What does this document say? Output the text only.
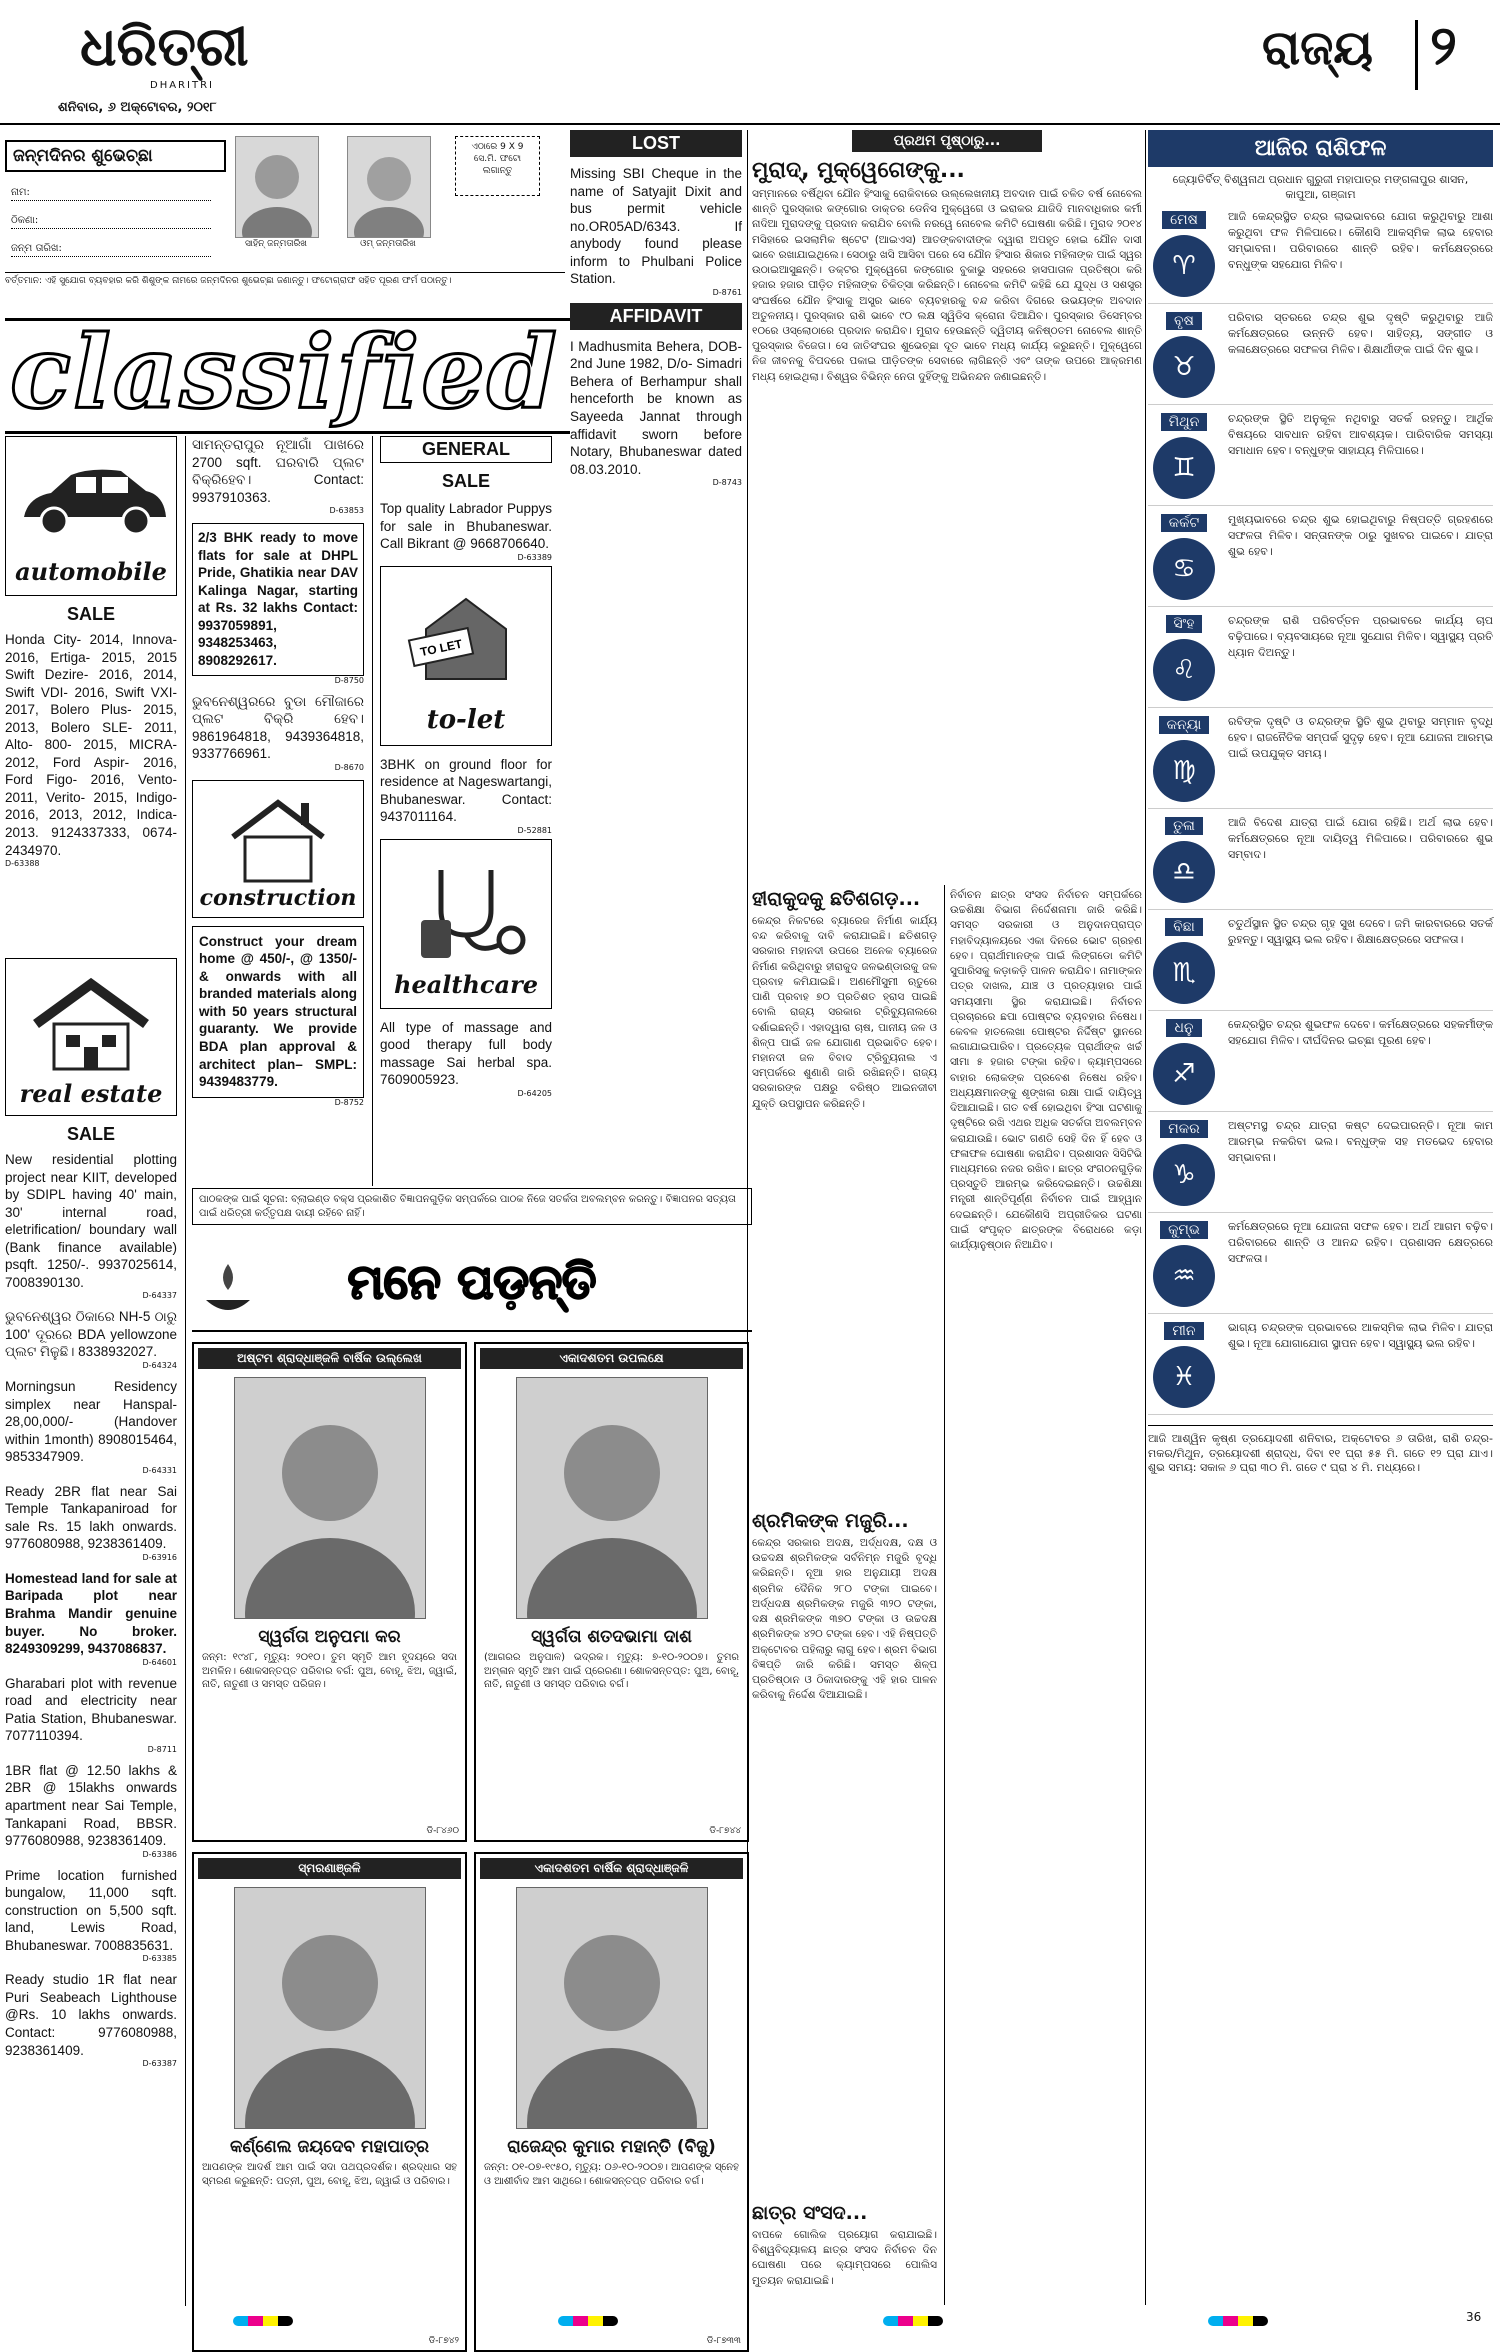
ଧରିତ୍ରୀ
DHARITRI
ଶନିବାର, ୬ ଅକ୍ଟୋବର, ୨୦୧୮
ରାଜ୍ୟ ୨
ଜନ୍ମଦିନର ଶୁଭେଚ୍ଛା
ନାମ:
ଠିକଣା:
ଜନ୍ମ ତାରିଖ:	ସାହିନ୍ ଜନ୍ମତାରିଖ	ଓମ୍ ଜନ୍ମତାରିଖ
ଏଠାରେ 9 X 9 ସେ.ମି. ଫଟୋ ଲଗାନ୍ତୁ
ବର୍ତ୍ତମାନ: ଏହି ସୁଯୋଗ ବ୍ୟବହାର କରି ଶିଶୁଙ୍କ ନାମରେ ଜନ୍ମଦିନର ଶୁଭେଚ୍ଛା ଜଣାନ୍ତୁ। ଫଟୋଗ୍ରାଫ ସହିତ ପୂରଣ ଫର୍ମ ପଠାନ୍ତୁ।
classified
automobile
SALE
Honda City- 2014, Innova- 2016, Ertiga- 2015, 2015 Swift Dezire- 2016, 2014, Swift VDI- 2016, Swift VXI- 2017, Bolero Plus- 2015, 2013, Bolero SLE- 2011, Alto- 800- 2015, MICRA- 2012, Ford Aspir- 2016, Ford Figo- 2016, Vento- 2011, Verito- 2015, Indigo-2016, 2013, 2012, Indica- 2013. 9124337333, 0674-2434970.
D-63388
real estate
SALE
New residential plotting project near KIIT, developed by SDIPL having 40' main, 30' internal road, eletrification/ boundary wall (Bank finance available) psqft. 1250/-. 9937025614, 7008390130.
D-64337
ଭୁବନେଶ୍ୱର ଠିକାରେ NH-5 ଠାରୁ 100' ଦୂରରେ BDA yellowzone ପ୍ଲଟ ମିଳୁଛି। 8338932027.
D-64324
Morningsun Residency simplex near Hanspal- 28,00,000/- (Handover within 1month) 8908015464, 9853347909.
D-64331
Ready 2BR flat near Sai Temple Tankapaniroad for sale Rs. 15 lakh onwards. 9776080988, 9238361409.
D-63916
Homestead land for sale at Baripada plot near Brahma Mandir genuine buyer. No broker. 8249309299, 9437086837.
D-64601
Gharabari plot with revenue road and electricity near Patia Station, Bhubaneswar. 7077110394.
D-8711
1BR flat @ 12.50 lakhs & 2BR @ 15lakhs onwards apartment near Sai Temple, Tankapani Road, BBSR. 9776080988, 9238361409.
D-63386
Prime location furnished bungalow, 11,000 sqft. construction on 5,500 sqft. land, Lewis Road, Bhubaneswar. 7008835631.
D-63385
Ready studio 1R flat near Puri Seabeach Lighthouse @Rs. 10 lakhs onwards. Contact: 9776080988, 9238361409.
D-63387
ସାମନ୍ତରାପୁର ନୂଆଗାଁ ପାଖରେ 2700 sqft. ଘରବାରି ପ୍ଲଟ ବିକ୍ରିହେବ। Contact: 9937910363.
D-63853
2/3 BHK ready to move flats for sale at DHPL Pride, Ghatikia near DAV Kalinga Nagar, starting at Rs. 32 lakhs Contact: 9937059891, 9348253463, 8908292617.
D-8750
ଭୁବନେଶ୍ୱରରେ ବୁଡା ମୌଜାରେ ପ୍ଲଟ ବିକ୍ରି ହେବ। 9861964818, 9439364818, 9337766961.
D-8670
construction
Construct your dream home @ 450/-, @ 1350/- & onwards with all branded materials along with 50 years structural guaranty. We provide BDA plan approval & architect plan– SMPL: 9439483779.
D-8752
GENERAL
SALE
Top quality Labrador Puppys for sale in Bhubaneswar. Call Bikrant @ 9668706640.
D-63389
TO LET
to-let
3BHK on ground floor for residence at Nageswartangi, Bhubaneswar. Contact: 9437011164.
D-52881
healthcare
All type of massage and good therapy full body massage Sai herbal spa. 7609005923.
D-64205
LOST
Missing SBI Cheque in the name of Satyajit Dixit and bus permit vehicle no.OR05AD/6343. If anybody found please inform to Phulbani Police Station.
D-8761
AFFIDAVIT
I Madhusmita Behera, DOB- 2nd June 1982, D/o- Simadri Behera of Berhampur shall henceforth be known as Sayeeda Jannat through affidavit sworn before Notary, Bhubaneswar dated 08.03.2010.
D-8743
ପାଠକଙ୍କ ପାଇଁ ସୂଚନା: ବ୍ଲାଇଣ୍ଡ ବକ୍ସ ପ୍ରକାଶିତ ବିଜ୍ଞାପନଗୁଡ଼ିକ ସମ୍ପର୍କରେ ପାଠକ ନିଜେ ସତର୍କତା ଅବଲମ୍ବନ କରନ୍ତୁ। ବିଜ୍ଞାପନର ସତ୍ୟତା ପାଇଁ ଧରିତ୍ରୀ କର୍ତ୍ତୃପକ୍ଷ ଦାୟୀ ରହିବେ ନାହିଁ।
ମନେ ପଡ଼ନ୍ତି
ଅଷ୍ଟମ ଶ୍ରାଦ୍ଧାଞ୍ଜଳି ବାର୍ଷିକ ଉଲ୍ଲେଖ
ସ୍ୱର୍ଗତା ଅନୁପମା କର
ଜନ୍ମ: ୧୯୪୮, ମୃତ୍ୟୁ: ୨୦୧୦। ତୁମ ସ୍ମୃତି ଆମ ହୃଦୟରେ ସଦା ଅମଳିନ। ଶୋକସନ୍ତପ୍ତ ପରିବାର ବର୍ଗ: ପୁଅ, ବୋହୂ, ଝିଅ, ଜ୍ୱାଇଁ, ନାତି, ନାତୁଣୀ ଓ ସମସ୍ତ ପରିଜନ।
ଡି-୮୪୬୦
ଏକାଦଶତମ ଉପଲକ୍ଷେ
ସ୍ୱର୍ଗତା ଶତଦଭାମା ଦାଶ
(ଆଗରର ଅନୁପାଳ) ଭଦ୍ରକ। ମୃତ୍ୟୁ: ୭-୧୦-୨୦୦୭। ତୁମର ଅମ୍ଳାନ ସ୍ମୃତି ଆମ ପାଇଁ ପ୍ରେରଣା। ଶୋକସନ୍ତପ୍ତ: ପୁଅ, ବୋହୂ, ନାତି, ନାତୁଣୀ ଓ ସମସ୍ତ ପରିବାର ବର୍ଗ।
ଡି-୮୭୪୪
ସ୍ମରଣାଞ୍ଜଳି
କର୍ଣ୍ଣେଲ ଜୟଦେବ ମହାପାତ୍ର
ଆପଣଙ୍କ ଆଦର୍ଶ ଆମ ପାଇଁ ସଦା ପଥପ୍ରଦର୍ଶକ। ଶ୍ରଦ୍ଧାର ସହ ସ୍ମରଣ କରୁଛନ୍ତି: ପତ୍ନୀ, ପୁଅ, ବୋହୂ, ଝିଅ, ଜ୍ୱାଇଁ ଓ ପରିବାର।
ଡି-୮୭୪୨
ଏକାଦଶତମ ବାର୍ଷିକ ଶ୍ରାଦ୍ଧାଞ୍ଜଳି
ରାଜେନ୍ଦ୍ର କୁମାର ମହାନ୍ତି (ବିଜୁ)
ଜନ୍ମ: ୦୧-୦୭-୧୯୫୦, ମୃତ୍ୟୁ: ୦୬-୧୦-୨୦୦୭। ଆପଣଙ୍କ ସ୍ନେହ ଓ ଆଶୀର୍ବାଦ ଆମ ସାଥିରେ। ଶୋକସନ୍ତପ୍ତ ପରିବାର ବର୍ଗ।
ଡି-୮୭୩୩
ପ୍ରଥମ ପୃଷ୍ଠାରୁ...
ମୁରାଦ୍, ମୁକ୍ୱେଗେଙ୍କୁ...
ସମ୍ମାନରେ ବର୍ଷିଥିବା ଯୌନ ହିଂସାକୁ ରୋକିବାରେ ଉଲ୍ଲେଖନୀୟ ଅବଦାନ ପାଇଁ ଚଳିତ ବର୍ଷ ନୋବେଲ ଶାନ୍ତି ପୁରସ୍କାର କଙ୍ଗୋର ଡାକ୍ତର ଡେନିସ ମୁକ୍ୱେଗେ ଓ ଇରାକର ଯାଜିଦି ମାନବାଧିକାର କର୍ମୀ ନାଦିଆ ମୁରାଦଙ୍କୁ ପ୍ରଦାନ କରାଯିବ ବୋଲି ନରୱେ ନୋବେଲ କମିଟି ଘୋଷଣା କରିଛି। ମୁରାଦ ୨୦୧୪ ମସିହାରେ ଇସଲାମିକ ଷ୍ଟେଟ (ଆଇଏସ) ଆତଙ୍କବାଦୀଙ୍କ ଦ୍ୱାରା ଅପହୃତ ହୋଇ ଯୌନ ଦାସୀ ଭାବେ ରଖାଯାଇଥିଲେ। ସେଠାରୁ ଖସି ଆସିବା ପରେ ସେ ଯୌନ ହିଂସାର ଶିକାର ମହିଳାଙ୍କ ପାଇଁ ସ୍ୱର ଉଠାଇଆସୁଛନ୍ତି। ଡକ୍ଟର ମୁକ୍ୱେଗେ କଙ୍ଗୋର ବୁକାଭୁ ସହରରେ ହାସପାତାଳ ପ୍ରତିଷ୍ଠା କରି ହଜାର ହଜାର ପୀଡ଼ିତ ମହିଳାଙ୍କ ଚିକିତ୍ସା କରିଛନ୍ତି। ନୋବେଲ କମିଟି କହିଛି ଯେ ଯୁଦ୍ଧ ଓ ସଶସ୍ତ୍ର ସଂଘର୍ଷରେ ଯୌନ ହିଂସାକୁ ଅସ୍ତ୍ର ଭାବେ ବ୍ୟବହାରକୁ ବନ୍ଦ କରିବା ଦିଗରେ ଉଭୟଙ୍କ ଅବଦାନ ଅତୁଳନୀୟ। ପୁରସ୍କାର ରାଶି ଭାବେ ୯୦ ଲକ୍ଷ ସ୍ୱିଡିସ କ୍ରୋନା ଦିଆଯିବ। ପୁରସ୍କାର ଡିସେମ୍ବର ୧୦ରେ ଓସ୍ଲୋଠାରେ ପ୍ରଦାନ କରାଯିବ। ମୁରାଦ ହେଉଛନ୍ତି ଦ୍ୱିତୀୟ କନିଷ୍ଠତମ ନୋବେଲ ଶାନ୍ତି ପୁରସ୍କାର ବିଜେତା। ସେ ଜାତିସଂଘର ଶୁଭେଚ୍ଛା ଦୂତ ଭାବେ ମଧ୍ୟ କାର୍ଯ୍ୟ କରୁଛନ୍ତି। ମୁକ୍ୱେଗେ ନିଜ ଜୀବନକୁ ବିପଦରେ ପକାଇ ପୀଡ଼ିତଙ୍କ ସେବାରେ ଲାଗିଛନ୍ତି ଏବଂ ତାଙ୍କ ଉପରେ ଆକ୍ରମଣ ମଧ୍ୟ ହୋଇଥିଲା। ବିଶ୍ୱର ବିଭିନ୍ନ ନେତା ଦୁହିଁଙ୍କୁ ଅଭିନନ୍ଦନ ଜଣାଇଛନ୍ତି।
ହୀରାକୁଦକୁ ଛତିଶଗଡ଼...
କେନ୍ଦ୍ର ନିକଟରେ ବ୍ୟାରେଜ ନିର୍ମାଣ କାର୍ଯ୍ୟ ବନ୍ଦ କରିବାକୁ ଦାବି କରାଯାଇଛି। ଛତିଶଗଡ଼ ସରକାର ମହାନଦୀ ଉପରେ ଅନେକ ବ୍ୟାରେଜ ନିର୍ମାଣ କରିଥିବାରୁ ହୀରାକୁଦ ଜଳଭଣ୍ଡାରକୁ ଜଳ ପ୍ରବାହ କମିଯାଇଛି। ଅଣମୌସୁମୀ ଋତୁରେ ପାଣି ପ୍ରବାହ ୭୦ ପ୍ରତିଶତ ହ୍ରାସ ପାଇଛି ବୋଲି ରାଜ୍ୟ ସରକାର ଟ୍ରିବ୍ୟୁନାଲରେ ଦର୍ଶାଇଛନ୍ତି। ଏହାଦ୍ୱାରା ଚାଷ, ପାନୀୟ ଜଳ ଓ ଶିଳ୍ପ ପାଇଁ ଜଳ ଯୋଗାଣ ପ୍ରଭାବିତ ହେବ। ମହାନଦୀ ଜଳ ବିବାଦ ଟ୍ରିବ୍ୟୁନାଲ ଏ ସମ୍ପର୍କରେ ଶୁଣାଣି ଜାରି ରଖିଛନ୍ତି। ରାଜ୍ୟ ସରକାରଙ୍କ ପକ୍ଷରୁ ବରିଷ୍ଠ ଆଇନଜୀବୀ ଯୁକ୍ତି ଉପସ୍ଥାପନ କରିଛନ୍ତି।
ଶ୍ରମିକଙ୍କ ମଜୁରି...
କେନ୍ଦ୍ର ସରକାର ଅଦକ୍ଷ, ଅର୍ଦ୍ଧଦକ୍ଷ, ଦକ୍ଷ ଓ ଉଚ୍ଚଦକ୍ଷ ଶ୍ରମିକଙ୍କ ସର୍ବନିମ୍ନ ମଜୁରି ବୃଦ୍ଧି କରିଛନ୍ତି। ନୂଆ ହାର ଅନୁଯାୟୀ ଅଦକ୍ଷ ଶ୍ରମିକ ଦୈନିକ ୨୮୦ ଟଙ୍କା ପାଇବେ। ଅର୍ଦ୍ଧଦକ୍ଷ ଶ୍ରମିକଙ୍କ ମଜୁରି ୩୨୦ ଟଙ୍କା, ଦକ୍ଷ ଶ୍ରମିକଙ୍କ ୩୭୦ ଟଙ୍କା ଓ ଉଚ୍ଚଦକ୍ଷ ଶ୍ରମିକଙ୍କ ୪୨୦ ଟଙ୍କା ହେବ। ଏହି ନିଷ୍ପତ୍ତି ଅକ୍ଟୋବର ପହିଲାରୁ ଲାଗୁ ହେବ। ଶ୍ରମ ବିଭାଗ ବିଜ୍ଞପ୍ତି ଜାରି କରିଛି। ସମସ୍ତ ଶିଳ୍ପ ପ୍ରତିଷ୍ଠାନ ଓ ଠିକାଦାରଙ୍କୁ ଏହି ହାର ପାଳନ କରିବାକୁ ନିର୍ଦ୍ଦେଶ ଦିଆଯାଇଛି।
ଛାତ୍ର ସଂସଦ...
ବାପକେ ଗୋଲିକ ପ୍ରୟୋଗ କରାଯାଇଛି। ବିଶ୍ୱବିଦ୍ୟାଳୟ ଛାତ୍ର ସଂସଦ ନିର୍ବାଚନ ଦିନ ଘୋଷଣା ପରେ କ୍ୟାମ୍ପସରେ ପୋଲିସ ମୁତୟନ କରାଯାଇଛି।
ନିର୍ବାଚନ ଛାତ୍ର ସଂସଦ ନିର୍ବାଚନ ସମ୍ପର୍କରେ ଉଚ୍ଚଶିକ୍ଷା ବିଭାଗ ନିର୍ଦ୍ଦେଶନାମା ଜାରି କରିଛି। ସମସ୍ତ ସରକାରୀ ଓ ଅନୁଦାନପ୍ରାପ୍ତ ମହାବିଦ୍ୟାଳୟରେ ଏକା ଦିନରେ ଭୋଟ ଗ୍ରହଣ ହେବ। ପ୍ରାର୍ଥୀମାନଙ୍କ ପାଇଁ ଲିଙ୍ଗଡୋ କମିଟି ସୁପାରିସକୁ କଡ଼ାକଡ଼ି ପାଳନ କରାଯିବ। ନାମାଙ୍କନ ପତ୍ର ଦାଖଲ, ଯାଞ୍ଚ ଓ ପ୍ରତ୍ୟାହାର ପାଇଁ ସମୟସୀମା ସ୍ଥିର କରାଯାଇଛି। ନିର୍ବାଚନ ପ୍ରଚାରରେ ଛପା ପୋଷ୍ଟର ବ୍ୟବହାର ନିଷେଧ। କେବଳ ହାତଲେଖା ପୋଷ୍ଟର ନିର୍ଦ୍ଦିଷ୍ଟ ସ୍ଥାନରେ ଲଗାଯାଇପାରିବ। ପ୍ରତ୍ୟେକ ପ୍ରାର୍ଥୀଙ୍କ ଖର୍ଚ୍ଚ ସୀମା ୫ ହଜାର ଟଙ୍କା ରହିବ। କ୍ୟାମ୍ପସରେ ବାହାର ଲୋକଙ୍କ ପ୍ରବେଶ ନିଷେଧ ରହିବ। ଅଧ୍ୟକ୍ଷମାନଙ୍କୁ ଶୃଙ୍ଖଳା ରକ୍ଷା ପାଇଁ ଦାୟିତ୍ୱ ଦିଆଯାଇଛି। ଗତ ବର୍ଷ ହୋଇଥିବା ହିଂସା ଘଟଣାକୁ ଦୃଷ୍ଟିରେ ରଖି ଏଥର ଅଧିକ ସତର୍କତା ଅବଲମ୍ବନ କରାଯାଉଛି। ଭୋଟ ଗଣତି ସେହି ଦିନ ହିଁ ହେବ ଓ ଫଳାଫଳ ଘୋଷଣା କରାଯିବ। ପ୍ରଶାସନ ସିସିଟିଭି ମାଧ୍ୟମରେ ନଜର ରଖିବ। ଛାତ୍ର ସଂଗଠନଗୁଡ଼ିକ ପ୍ରସ୍ତୁତି ଆରମ୍ଭ କରିଦେଇଛନ୍ତି। ଉଚ୍ଚଶିକ୍ଷା ମନ୍ତ୍ରୀ ଶାନ୍ତିପୂର୍ଣ୍ଣ ନିର୍ବାଚନ ପାଇଁ ଆହ୍ୱାନ ଦେଇଛନ୍ତି। ଯେକୌଣସି ଅପ୍ରୀତିକର ଘଟଣା ପାଇଁ ସଂପୃକ୍ତ ଛାତ୍ରଙ୍କ ବିରୋଧରେ କଡ଼ା କାର୍ଯ୍ୟାନୁଷ୍ଠାନ ନିଆଯିବ।
ଆଜିର ରାଶିଫଳ
ଜ୍ୟୋତିର୍ବିତ୍ ବିଶ୍ୱନାଥ ପ୍ରଧାନ ଗୁରୁଜୀ ମହାପାତ୍ର ମଙ୍ଗଳାପୁର ଶାସନ, କାପୁଆ, ଗଞ୍ଜାମ
ମେଷ
♈
ଆଜି କେନ୍ଦ୍ରସ୍ଥିତ ଚନ୍ଦ୍ର ଲାଭଭାବରେ ଯୋଗ କରୁଥିବାରୁ ଆଶା କରୁଥିବା ଫଳ ମିଳିପାରେ। କୌଣସି ଆକସ୍ମିକ ଲାଭ ହେବାର ସମ୍ଭାବନା। ପରିବାରରେ ଶାନ୍ତି ରହିବ। କର୍ମକ୍ଷେତ୍ରରେ ବନ୍ଧୁଙ୍କ ସହଯୋଗ ମିଳିବ।
ବୃଷ
♉
ପରିବାର ସ୍ତରରେ ଚନ୍ଦ୍ର ଶୁଭ ଦୃଷ୍ଟି କରୁଥିବାରୁ ଆଜି କର୍ମକ୍ଷେତ୍ରରେ ଉନ୍ନତି ହେବ। ସାହିତ୍ୟ, ସଙ୍ଗୀତ ଓ କଳାକ୍ଷେତ୍ରରେ ସଫଳତା ମିଳିବ। ଶିକ୍ଷାର୍ଥୀଙ୍କ ପାଇଁ ଦିନ ଶୁଭ।
ମିଥୁନ
♊
ଚନ୍ଦ୍ରଙ୍କ ସ୍ଥିତି ଅନୁକୂଳ ନଥିବାରୁ ସତର୍କ ରହନ୍ତୁ। ଆର୍ଥିକ ବିଷୟରେ ସାବଧାନ ରହିବା ଆବଶ୍ୟକ। ପାରିବାରିକ ସମସ୍ୟା ସମାଧାନ ହେବ। ବନ୍ଧୁଙ୍କ ସାହାଯ୍ୟ ମିଳିପାରେ।
କର୍କଟ
♋
ମୁଖ୍ୟଭାବରେ ଚନ୍ଦ୍ର ଶୁଭ ହୋଇଥିବାରୁ ନିଷ୍ପତ୍ତି ଗ୍ରହଣରେ ସଫଳତା ମିଳିବ। ସନ୍ତାନଙ୍କ ଠାରୁ ସୁଖବର ପାଇବେ। ଯାତ୍ରା ଶୁଭ ହେବ।
ସିଂହ
♌
ଚନ୍ଦ୍ରଙ୍କ ରାଶି ପରିବର୍ତ୍ତନ ପ୍ରଭାବରେ କାର୍ଯ୍ୟ ଚାପ ବଢ଼ିପାରେ। ବ୍ୟବସାୟରେ ନୂଆ ସୁଯୋଗ ମିଳିବ। ସ୍ୱାସ୍ଥ୍ୟ ପ୍ରତି ଧ୍ୟାନ ଦିଅନ୍ତୁ।
କନ୍ୟା
♍
ରବିଙ୍କ ଦୃଷ୍ଟି ଓ ଚନ୍ଦ୍ରଙ୍କ ସ୍ଥିତି ଶୁଭ ଥିବାରୁ ସମ୍ମାନ ବୃଦ୍ଧି ହେବ। ରାଜନୈତିକ ସମ୍ପର୍କ ସୁଦୃଢ଼ ହେବ। ନୂଆ ଯୋଜନା ଆରମ୍ଭ ପାଇଁ ଉପଯୁକ୍ତ ସମୟ।
ତୁଳା
♎
ଆଜି ବିଦେଶ ଯାତ୍ରା ପାଇଁ ଯୋଗ ରହିଛି। ଅର୍ଥ ଲାଭ ହେବ। କର୍ମକ୍ଷେତ୍ରରେ ନୂଆ ଦାୟିତ୍ୱ ମିଳିପାରେ। ପରିବାରରେ ଶୁଭ ସମ୍ବାଦ।
ବିଛା
♏
ଚତୁର୍ଥସ୍ଥାନ ସ୍ଥିତ ଚନ୍ଦ୍ର ଗୃହ ସୁଖ ଦେବେ। ଜମି କାରବାରରେ ସତର୍କ ରୁହନ୍ତୁ। ସ୍ୱାସ୍ଥ୍ୟ ଭଲ ରହିବ। ଶିକ୍ଷାକ୍ଷେତ୍ରରେ ସଫଳତା।
ଧନୁ
♐
କେନ୍ଦ୍ରସ୍ଥିତ ଚନ୍ଦ୍ର ଶୁଭଫଳ ଦେବେ। କର୍ମକ୍ଷେତ୍ରରେ ସହକର୍ମୀଙ୍କ ସହଯୋଗ ମିଳିବ। ଦୀର୍ଘଦିନର ଇଚ୍ଛା ପୂରଣ ହେବ।
ମକର
♑
ଅଷ୍ଟମସ୍ଥ ଚନ୍ଦ୍ର ଯାତ୍ରା କଷ୍ଟ ଦେଇପାରନ୍ତି। ନୂଆ କାମ ଆରମ୍ଭ ନକରିବା ଭଲ। ବନ୍ଧୁଙ୍କ ସହ ମତଭେଦ ହେବାର ସମ୍ଭାବନା।
କୁମ୍ଭ
♒
କର୍ମକ୍ଷେତ୍ରରେ ନୂଆ ଯୋଜନା ସଫଳ ହେବ। ଅର୍ଥ ଆଗମ ବଢ଼ିବ। ପରିବାରରେ ଶାନ୍ତି ଓ ଆନନ୍ଦ ରହିବ। ପ୍ରଶାସନ କ୍ଷେତ୍ରରେ ସଫଳତା।
ମୀନ
♓
ଭାଗ୍ୟ ଚନ୍ଦ୍ରଙ୍କ ପ୍ରଭାବରେ ଆକସ୍ମିକ ଲାଭ ମିଳିବ। ଯାତ୍ରା ଶୁଭ। ନୂଆ ଯୋଗାଯୋଗ ସ୍ଥାପନ ହେବ। ସ୍ୱାସ୍ଥ୍ୟ ଭଲ ରହିବ।
ଆଜି ଆଶ୍ୱିନ କୃଷ୍ଣ ତ୍ରୟୋଦଶୀ ଶନିବାର, ଅକ୍ଟୋବର ୬ ତାରିଖ, ରାଶି ଚନ୍ଦ୍ର- ମକର/ମିଥୁନ, ତ୍ରୟୋଦଶୀ ଶ୍ରାଦ୍ଧ, ଦିବା ୧୧ ଘ୍ରା ୫୫ ମି. ଗତେ ୧୨ ଘ୍ରା ଯାଏ। ଶୁଭ ସମୟ: ସକାଳ ୬ ଘ୍ରା ୩୦ ମି. ଗତେ ୯ ଘ୍ରା ୪ ମି. ମଧ୍ୟରେ।
36
